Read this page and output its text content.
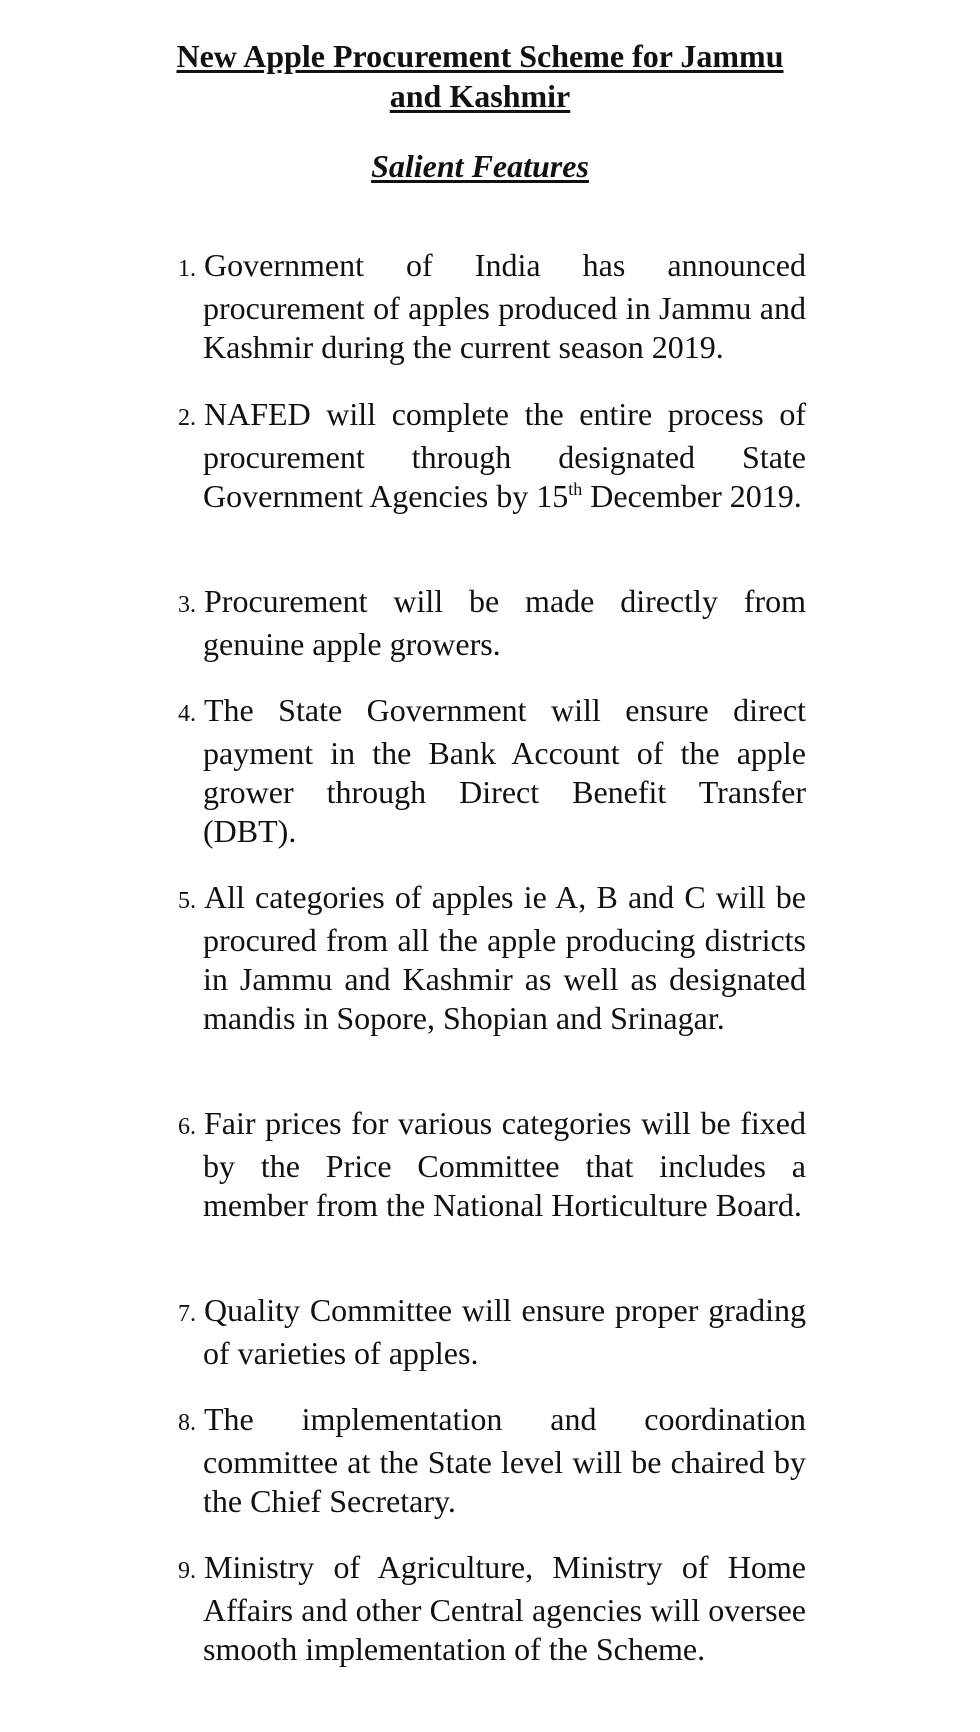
New Apple Procurement Scheme for Jammu and Kashmir
Salient Features
1. Government of India has announced procurement of apples produced in Jammu and Kashmir during the current season 2019.
2. NAFED will complete the entire process of procurement through designated State Government Agencies by 15th December 2019.
3. Procurement will be made directly from genuine apple growers.
4. The State Government will ensure direct payment in the Bank Account of the apple grower through Direct Benefit Transfer (DBT).
5. All categories of apples ie A, B and C will be procured from all the apple producing districts in Jammu and Kashmir as well as designated mandis in Sopore, Shopian and Srinagar.
6. Fair prices for various categories will be fixed by the Price Committee that includes a member from the National Horticulture Board.
7. Quality Committee will ensure proper grading of varieties of apples.
8. The implementation and coordination committee at the State level will be chaired by the Chief Secretary.
9. Ministry of Agriculture, Ministry of Home Affairs and other Central agencies will oversee smooth implementation of the Scheme.
